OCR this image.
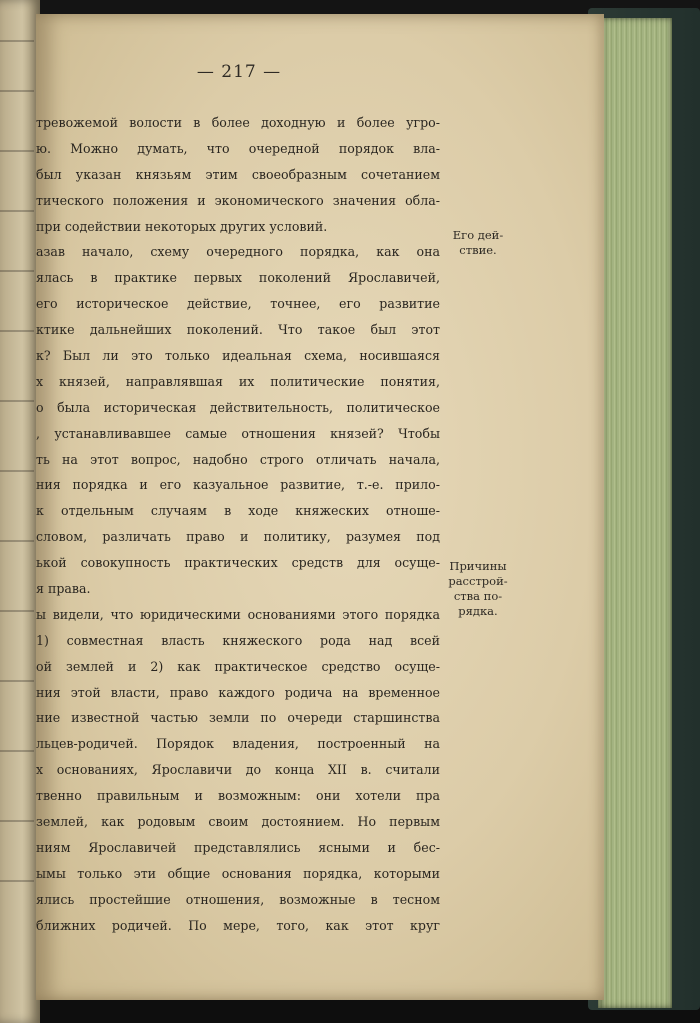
— 217 —
тревожемой волости в более доходную и более угро-
ю. Можно думать, что очередной порядок вла-
был указан князьям этим своеобразным сочетанием
тического положения и экономического значения обла-
при содействии некоторых других условий.
азав начало, схему очередного порядка, как она
ялась в практике первых поколений Ярославичей,
его историческое действие, точнее, его развитие
ктике дальнейших поколений. Что такое был этот
к? Был ли это только идеальная схема, носившаяся
х князей, направлявшая их политические понятия,
о была историческая действительность, политическое
, устанавливавшее самые отношения князей? Чтобы
ть на этот вопрос, надобно строго отличать начала,
ния порядка и его казуальное развитие, т.-е. прило-
к отдельным случаям в ходе княжеских отноше-
словом, различать право и политику, разумея под
ькой совокупность практических средств для осуще-
я права.
ы видели, что юридическими основаниями этого порядка
1) совместная власть княжеского рода над всей
ой землей и 2) как практическое средство осуще-
ния этой власти, право каждого родича на временное
ние известной частью земли по очереди старшинства
льцев-родичей. Порядок владения, построенный на
х основаниях, Ярославичи до конца XII в. считали
твенно правильным и возможным: они хотели пра
землей, как родовым своим достоянием. Но первым
ниям Ярославичей представлялись ясными и бес-
ымы только эти общие основания порядка, которыми
ялись простейшие отношения, возможные в тесном
ближних родичей. По мере, того, как этот круг
Его дей-
ствие.
Причины
расстрой-
ства по-
рядка.
